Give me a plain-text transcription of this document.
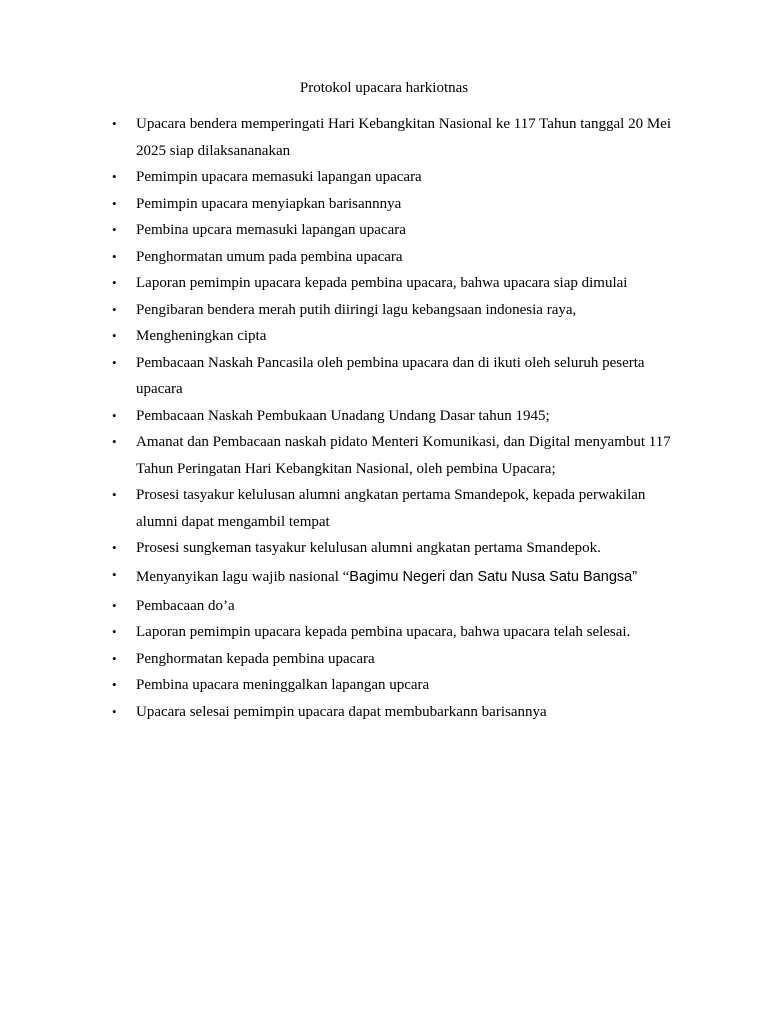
Protokol upacara harkiotnas
• Upacara bendera memperingati Hari Kebangkitan Nasional ke 117 Tahun tanggal 20 Mei 2025 siap dilaksananakan
• Pemimpin upacara memasuki lapangan upacara
• Pemimpin upacara menyiapkan barisannnya
• Pembina upcara memasuki lapangan upacara
• Penghormatan umum pada pembina upacara
• Laporan pemimpin upacara kepada pembina upacara, bahwa upacara siap dimulai
• Pengibaran bendera merah putih diiringi lagu kebangsaan indonesia raya,
• Mengheningkan cipta
• Pembacaan Naskah Pancasila oleh pembina upacara dan di ikuti oleh seluruh peserta upacara
• Pembacaan Naskah Pembukaan Unadang Undang Dasar tahun 1945;
• Amanat dan Pembacaan naskah pidato Menteri Komunikasi, dan Digital menyambut 117 Tahun Peringatan Hari Kebangkitan Nasional, oleh pembina Upacara;
• Prosesi tasyakur kelulusan alumni angkatan pertama Smandepok, kepada perwakilan alumni dapat mengambil tempat
• Prosesi sungkeman tasyakur kelulusan alumni angkatan pertama Smandepok.
• Menyanyikan lagu wajib nasional “Bagimu Negeri dan Satu Nusa Satu Bangsa”
• Pembacaan do’a
• Laporan pemimpin upacara kepada pembina upacara, bahwa upacara telah selesai.
• Penghormatan kepada pembina upacara
• Pembina upacara meninggalkan lapangan upcara
• Upacara selesai pemimpin upacara dapat membubarkann barisannya
